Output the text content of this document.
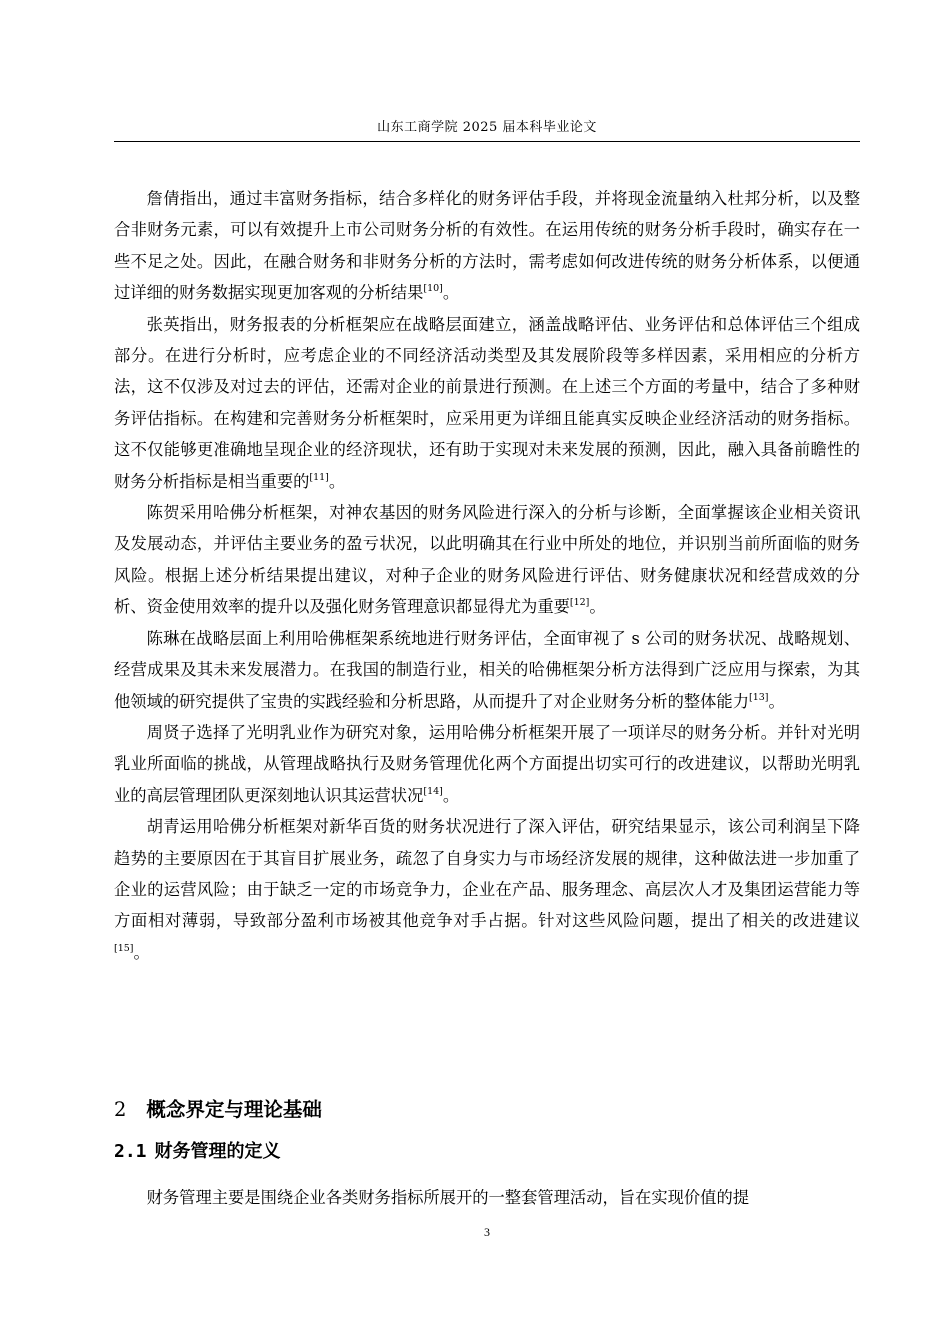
山东工商学院 2025 届本科毕业论文

詹倩指出，通过丰富财务指标，结合多样化的财务评估手段，并将现金流量纳入杜邦分析，以及整合非财务元素，可以有效提升上市公司财务分析的有效性。在运用传统的财务分析手段时，确实存在一些不足之处。因此，在融合财务和非财务分析的方法时，需考虑如何改进传统的财务分析体系，以便通过详细的财务数据实现更加客观的分析结果[10]。

张英指出，财务报表的分析框架应在战略层面建立，涵盖战略评估、业务评估和总体评估三个组成部分。在进行分析时，应考虑企业的不同经济活动类型及其发展阶段等多样因素，采用相应的分析方法，这不仅涉及对过去的评估，还需对企业的前景进行预测。在上述三个方面的考量中，结合了多种财务评估指标。在构建和完善财务分析框架时，应采用更为详细且能真实反映企业经济活动的财务指标。这不仅能够更准确地呈现企业的经济现状，还有助于实现对未来发展的预测，因此，融入具备前瞻性的财务分析指标是相当重要的[11]。

陈贺采用哈佛分析框架，对神农基因的财务风险进行深入的分析与诊断，全面掌握该企业相关资讯及发展动态，并评估主要业务的盈亏状况，以此明确其在行业中所处的地位，并识别当前所面临的财务风险。根据上述分析结果提出建议，对种子企业的财务风险进行评估、财务健康状况和经营成效的分析、资金使用效率的提升以及强化财务管理意识都显得尤为重要[12]。

陈琳在战略层面上利用哈佛框架系统地进行财务评估，全面审视了 s 公司的财务状况、战略规划、经营成果及其未来发展潜力。在我国的制造行业，相关的哈佛框架分析方法得到广泛应用与探索，为其他领域的研究提供了宝贵的实践经验和分析思路，从而提升了对企业财务分析的整体能力[13]。

周贤子选择了光明乳业作为研究对象，运用哈佛分析框架开展了一项详尽的财务分析。并针对光明乳业所面临的挑战，从管理战略执行及财务管理优化两个方面提出切实可行的改进建议，以帮助光明乳业的高层管理团队更深刻地认识其运营状况[14]。

胡青运用哈佛分析框架对新华百货的财务状况进行了深入评估，研究结果显示，该公司利润呈下降趋势的主要原因在于其盲目扩展业务，疏忽了自身实力与市场经济发展的规律，这种做法进一步加重了企业的运营风险；由于缺乏一定的市场竞争力，企业在产品、服务理念、高层次人才及集团运营能力等方面相对薄弱，导致部分盈利市场被其他竞争对手占据。针对这些风险问题，提出了相关的改进建议[15]。

2 概念界定与理论基础
2.1 财务管理的定义

财务管理主要是围绕企业各类财务指标所展开的一整套管理活动，旨在实现价值的提

3
